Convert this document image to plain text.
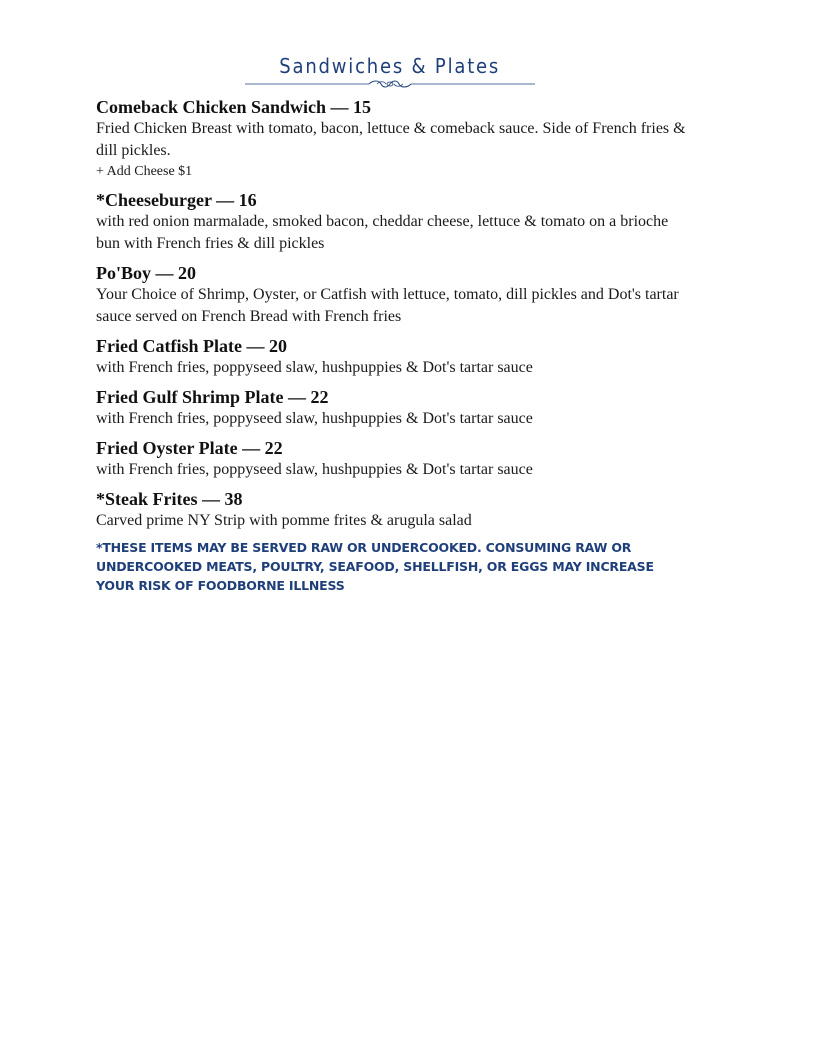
Sandwiches & Plates
Comeback Chicken Sandwich — 15
Fried Chicken Breast with tomato, bacon, lettuce & comeback sauce. Side of French fries & dill pickles.
+ Add Cheese $1
*Cheeseburger — 16
with red onion marmalade, smoked bacon, cheddar cheese, lettuce & tomato on a brioche bun with French fries & dill pickles
Po'Boy — 20
Your Choice of Shrimp, Oyster, or Catfish with lettuce, tomato, dill pickles and Dot's tartar sauce served on French Bread with French fries
Fried Catfish Plate — 20
with French fries, poppyseed slaw, hushpuppies & Dot's tartar sauce
Fried Gulf Shrimp Plate — 22
with French fries, poppyseed slaw, hushpuppies & Dot's tartar sauce
Fried Oyster Plate — 22
with French fries, poppyseed slaw, hushpuppies & Dot's tartar sauce
*Steak Frites — 38
Carved prime NY Strip with pomme frites & arugula salad
*THESE ITEMS MAY BE SERVED RAW OR UNDERCOOKED. CONSUMING RAW OR UNDERCOOKED MEATS, POULTRY, SEAFOOD, SHELLFISH, OR EGGS MAY INCREASE YOUR RISK OF FOODBORNE ILLNESS
